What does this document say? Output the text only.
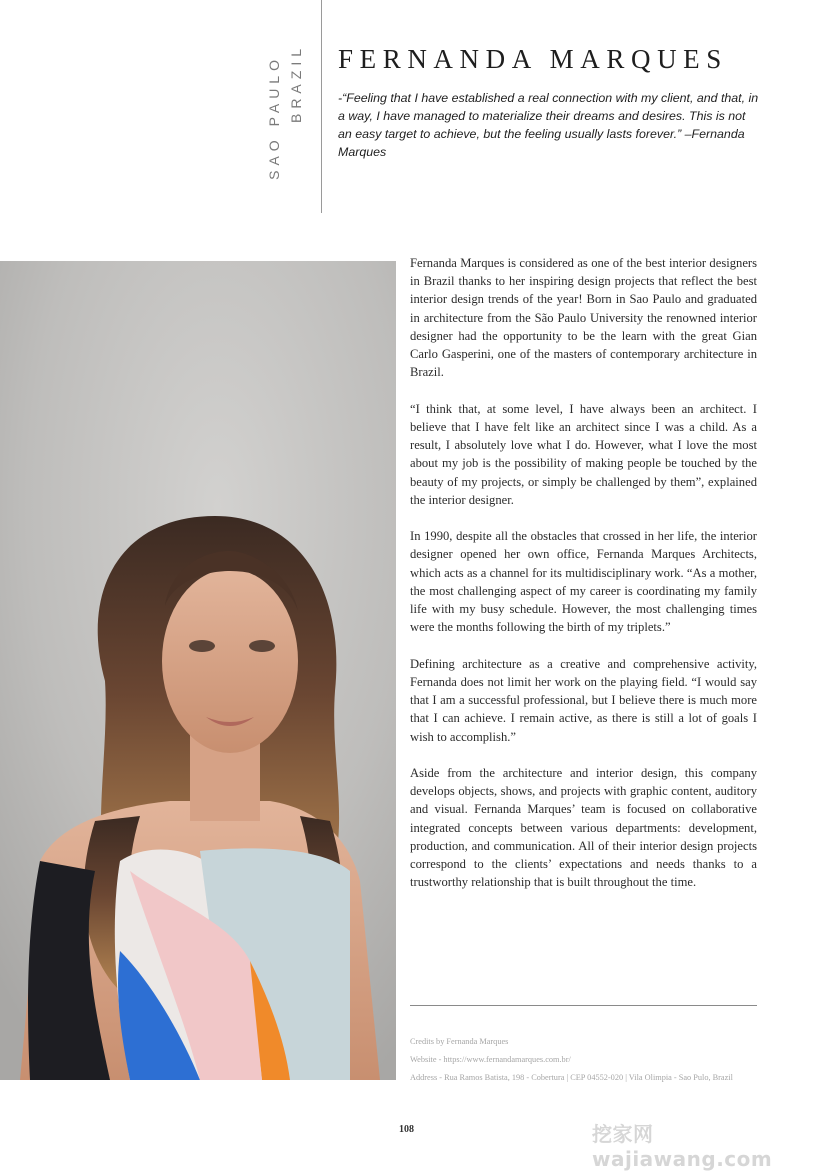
SAO PAULO BRAZIL FERNANDA MARQUES

-“Feeling that I have established a real connection with my client, and that, in a way, I have managed to materialize their dreams and desires. This is not an easy target to achieve, but the feeling usually lasts forever.” –Fernanda Marques

Fernanda Marques is considered as one of the best interior designers in Brazil thanks to her inspiring design projects that reflect the best interior design trends of the year! Born in Sao Paulo and graduated in architecture from the São Paulo University the renowned interior designer had the opportunity to be the learn with the great Gian Carlo Gasperini, one of the masters of contemporary architecture in Brazil.

“I think that, at some level, I have always been an architect. I believe that I have felt like an architect since I was a child. As a result, I absolutely love what I do. However, what I love the most about my job is the possibility of making people be touched by the beauty of my projects, or simply be challenged by them”, explained the interior designer.

In 1990, despite all the obstacles that crossed in her life, the interior designer opened her own office, Fernanda Marques Architects, which acts as a channel for its multidisciplinary work. “As a mother, the most challenging aspect of my career is coordinating my family life with my busy schedule. However, the most challenging times were the months following the birth of my triplets.”

Defining architecture as a creative and comprehensive activity, Fernanda does not limit her work on the playing field. “I would say that I am a successful professional, but I believe there is much more that I can achieve. I remain active, as there is still a lot of goals I wish to accomplish.”

Aside from the architecture and interior design, this company develops objects, shows, and projects with graphic content, auditory and visual. Fernanda Marques’ team is focused on collaborative integrated concepts between various departments: development, production, and communication. All of their interior design projects correspond to the clients’ expectations and needs thanks to a trustworthy relationship that is built throughout the time.

Credits by Fernanda Marques
Website - https://www.fernandamarques.com.br/
Address - Rua Ramos Batista, 198 - Cobertura | CEP 04552-020 | Vila Olimpia - Sao Pulo, Brazil
108	挖家网 wajiawang.com
